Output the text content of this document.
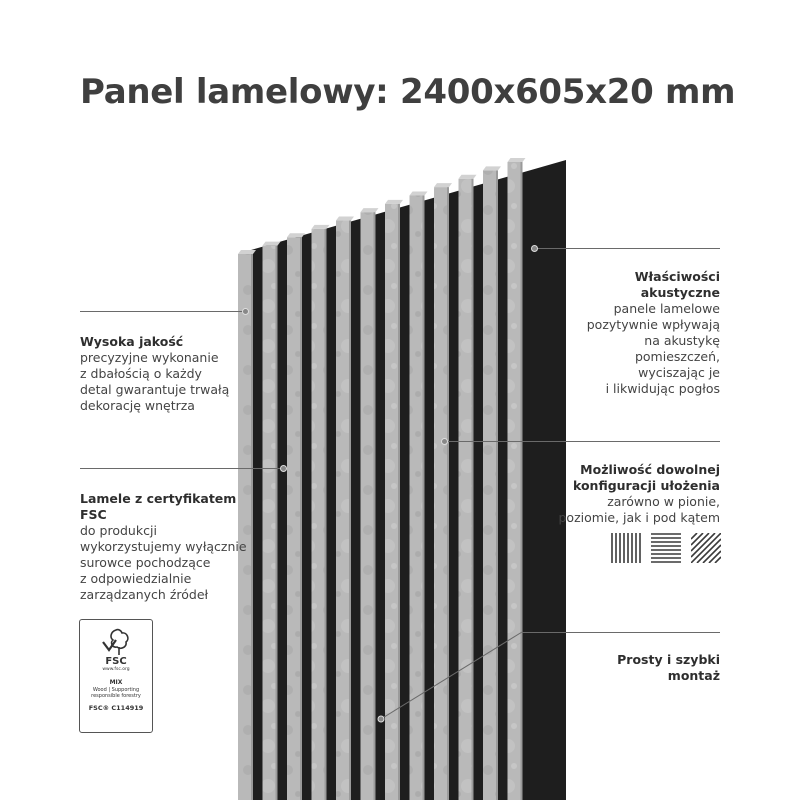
Panel lamelowy: 2400x605x20 mm
Wysoka jakość
precyzyjne wykonanie
z dbałością o każdy
detal gwarantuje trwałą
dekorację wnętrza
Lamele z certyfikatem
FSC
do produkcji
wykorzystujemy wyłącznie
surowce pochodzące
z odpowiedzialnie
zarządzanych źródeł
Właściwości
akustyczne
panele lamelowe
pozytywnie wpływają
na akustykę
pomieszczeń,
wyciszając je
i likwidując pogłos
Możliwość dowolnej
konfiguracji ułożenia
zarówno w pionie,
poziomie, jak i pod kątem
Prosty i szybki
montaż
FSC
www.fsc.org
MIX
Wood | Supporting
responsible forestry
FSC® C114919
